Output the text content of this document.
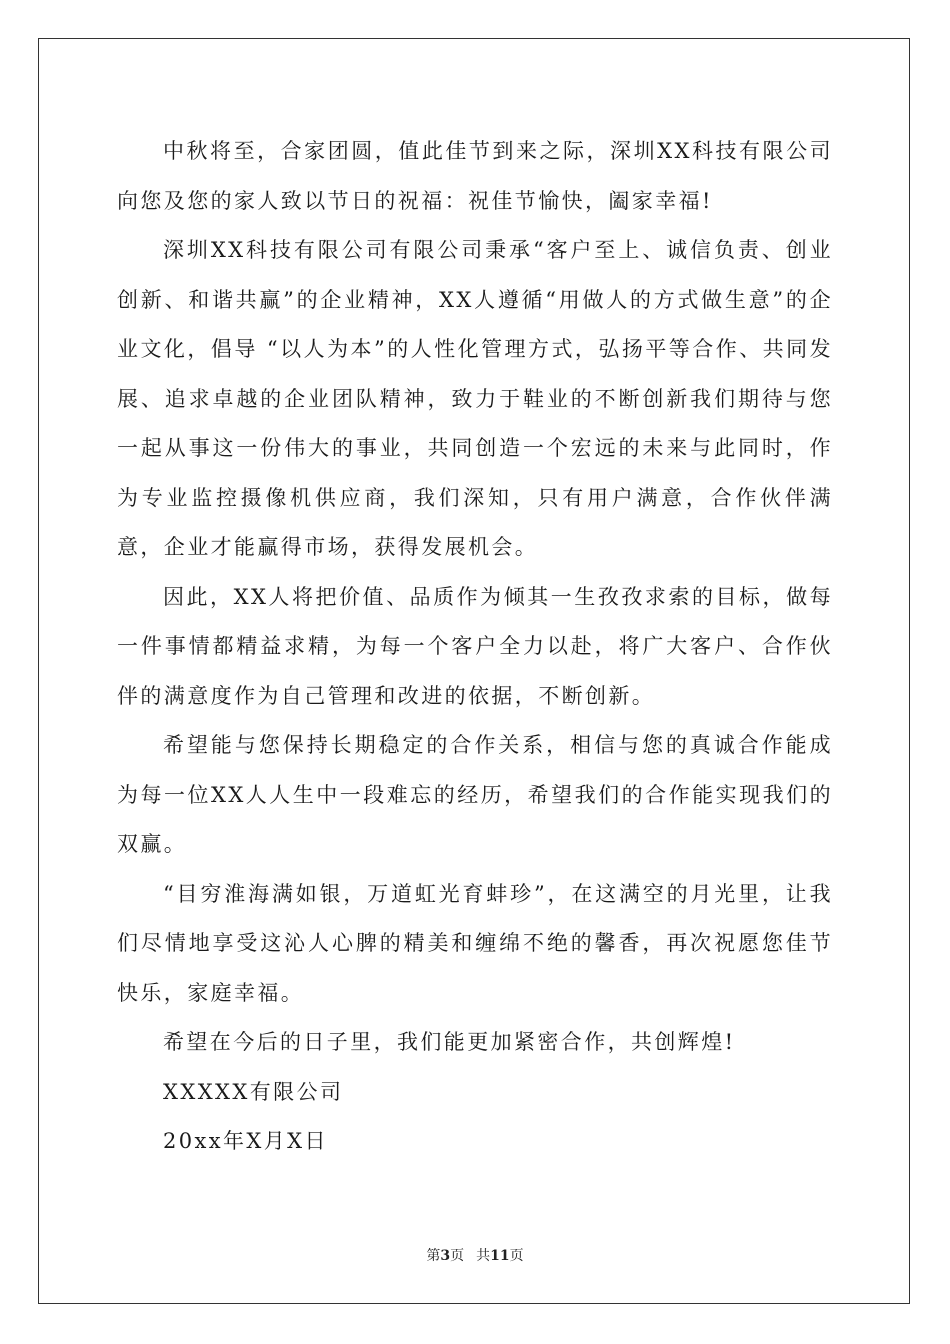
中秋将至，合家团圆，值此佳节到来之际，深圳XX科技有限公司向您及您的家人致以节日的祝福：祝佳节愉快，阖家幸福!

深圳XX科技有限公司有限公司秉承“客户至上、诚信负责、创业创新、和谐共赢”的企业精神，XX人遵循“用做人的方式做生意”的企业文化，倡导 “以人为本”的人性化管理方式，弘扬平等合作、共同发展、追求卓越的企业团队精神，致力于鞋业的不断创新我们期待与您一起从事这一份伟大的事业，共同创造一个宏远的未来与此同时，作为专业监控摄像机供应商，我们深知，只有用户满意，合作伙伴满意，企业才能赢得市场，获得发展机会。

因此，XX人将把价值、品质作为倾其一生孜孜求索的目标，做每一件事情都精益求精，为每一个客户全力以赴，将广大客户、合作伙伴的满意度作为自己管理和改进的依据，不断创新。

希望能与您保持长期稳定的合作关系，相信与您的真诚合作能成为每一位XX人人生中一段难忘的经历，希望我们的合作能实现我们的双赢。

“目穷淮海满如银，万道虹光育蚌珍”，在这满空的月光里，让我们尽情地享受这沁人心脾的精美和缠绵不绝的馨香，再次祝愿您佳节快乐，家庭幸福。

希望在今后的日子里，我们能更加紧密合作，共创辉煌!

XXXXX有限公司

20xx年X月X日

第3页 共11页
